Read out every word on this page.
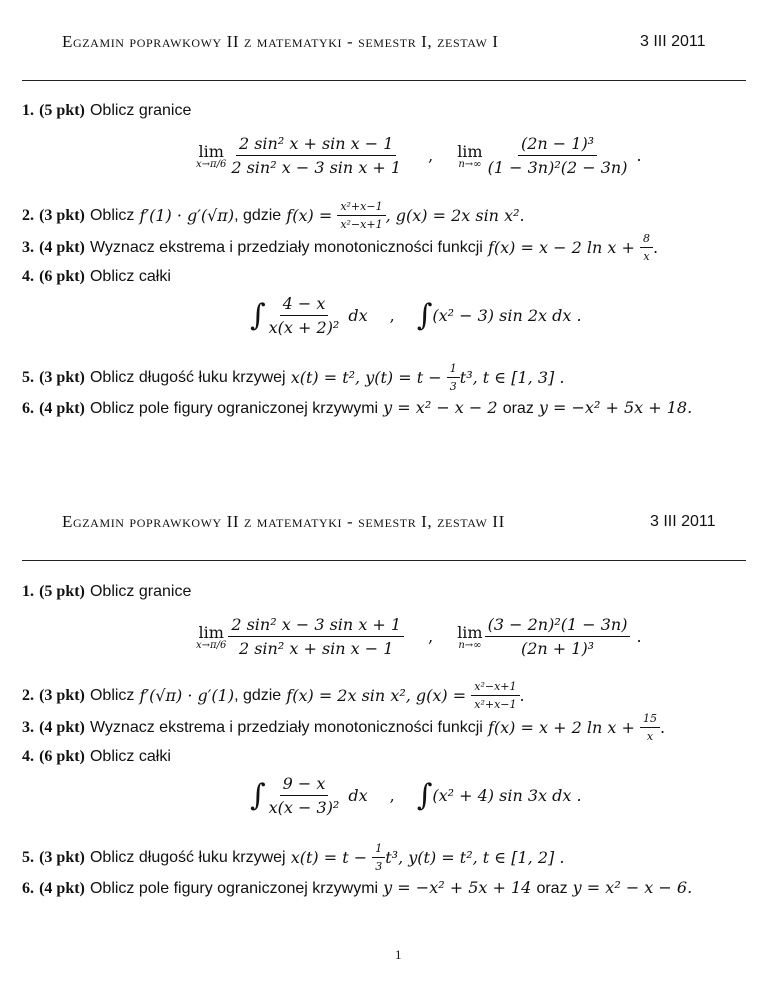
Egzamin poprawkowy II z matematyki - semestr I, zestaw I	3 III 2011
1. (5 pkt) Oblicz granice
lim
$x\to\pi/6 \frac{\text{2 sin² x + sin x − 1}}{\text{2 sin² x − 3 sin x + 1}}$ , lim
$n\to\infty \frac{\text{(2n − 1)³}}{\text{(1 − 3n)²(2 − 3n)}}$ .
2.
(3 pkt)
Oblicz
f′(1) · g′(√π) , gdzie
f(x) =
$\frac{\text{x²+x−1}}{\text{x²−x+1}}$ , g(x) = 2x sin x².
3.
(4 pkt)
Wyznacz ekstrema i przedziały monotoniczności funkcji
f(x) = x − 2 ln x +
$\frac{8}{x}$ .
4. (6 pkt) Oblicz całki
∫ $\frac{4 - x}{\text{x(x + 2)²}}$ dx , ∫ (x² − 3) sin 2x dx .
5.
(3 pkt)
Oblicz długość łuku krzywej
x(t) = t², y(t) = t −
$\frac{1}{3} t^3$, t ∈ [1, 3] .
6. (4 pkt) Oblicz pole figury ograniczonej krzywymi y = x² − x − 2 oraz y = −x² + 5x + 18.
Egzamin poprawkowy II z matematyki - semestr I, zestaw II	3 III 2011
1. (5 pkt) Oblicz granice
lim
$x\to\pi/6 \frac{\text{2 sin² x − 3 sin x + 1}}{\text{2 sin² x + sin x − 1}}$ , lim
$n\to\infty \frac{\text{(3 − 2n)²(1 − 3n)}}{\text{(2n + 1)³}}$ .
2.
(3 pkt)
Oblicz
f′(√π) · g′(1) , gdzie
f(x) = 2x sin x², g(x) =
$\frac{\text{x²−x+1}}{\text{x²+x−1}}$ .
3.
(4 pkt)
Wyznacz ekstrema i przedziały monotoniczności funkcji
f(x) = x + 2 ln x +
$\frac{15}{x}$ .
4. (6 pkt) Oblicz całki
∫ $\frac{9 - x}{\text{x(x − 3)²}}$ dx , ∫ (x² + 4) sin 3x dx .
5.
(3 pkt)
Oblicz długość łuku krzywej
x(t) = t −
$\frac{1}{3} t^3$, y(t) = t², t ∈ [1, 2] .
6. (4 pkt) Oblicz pole figury ograniczonej krzywymi y = −x² + 5x + 14 oraz y = x² − x − 6.
1
